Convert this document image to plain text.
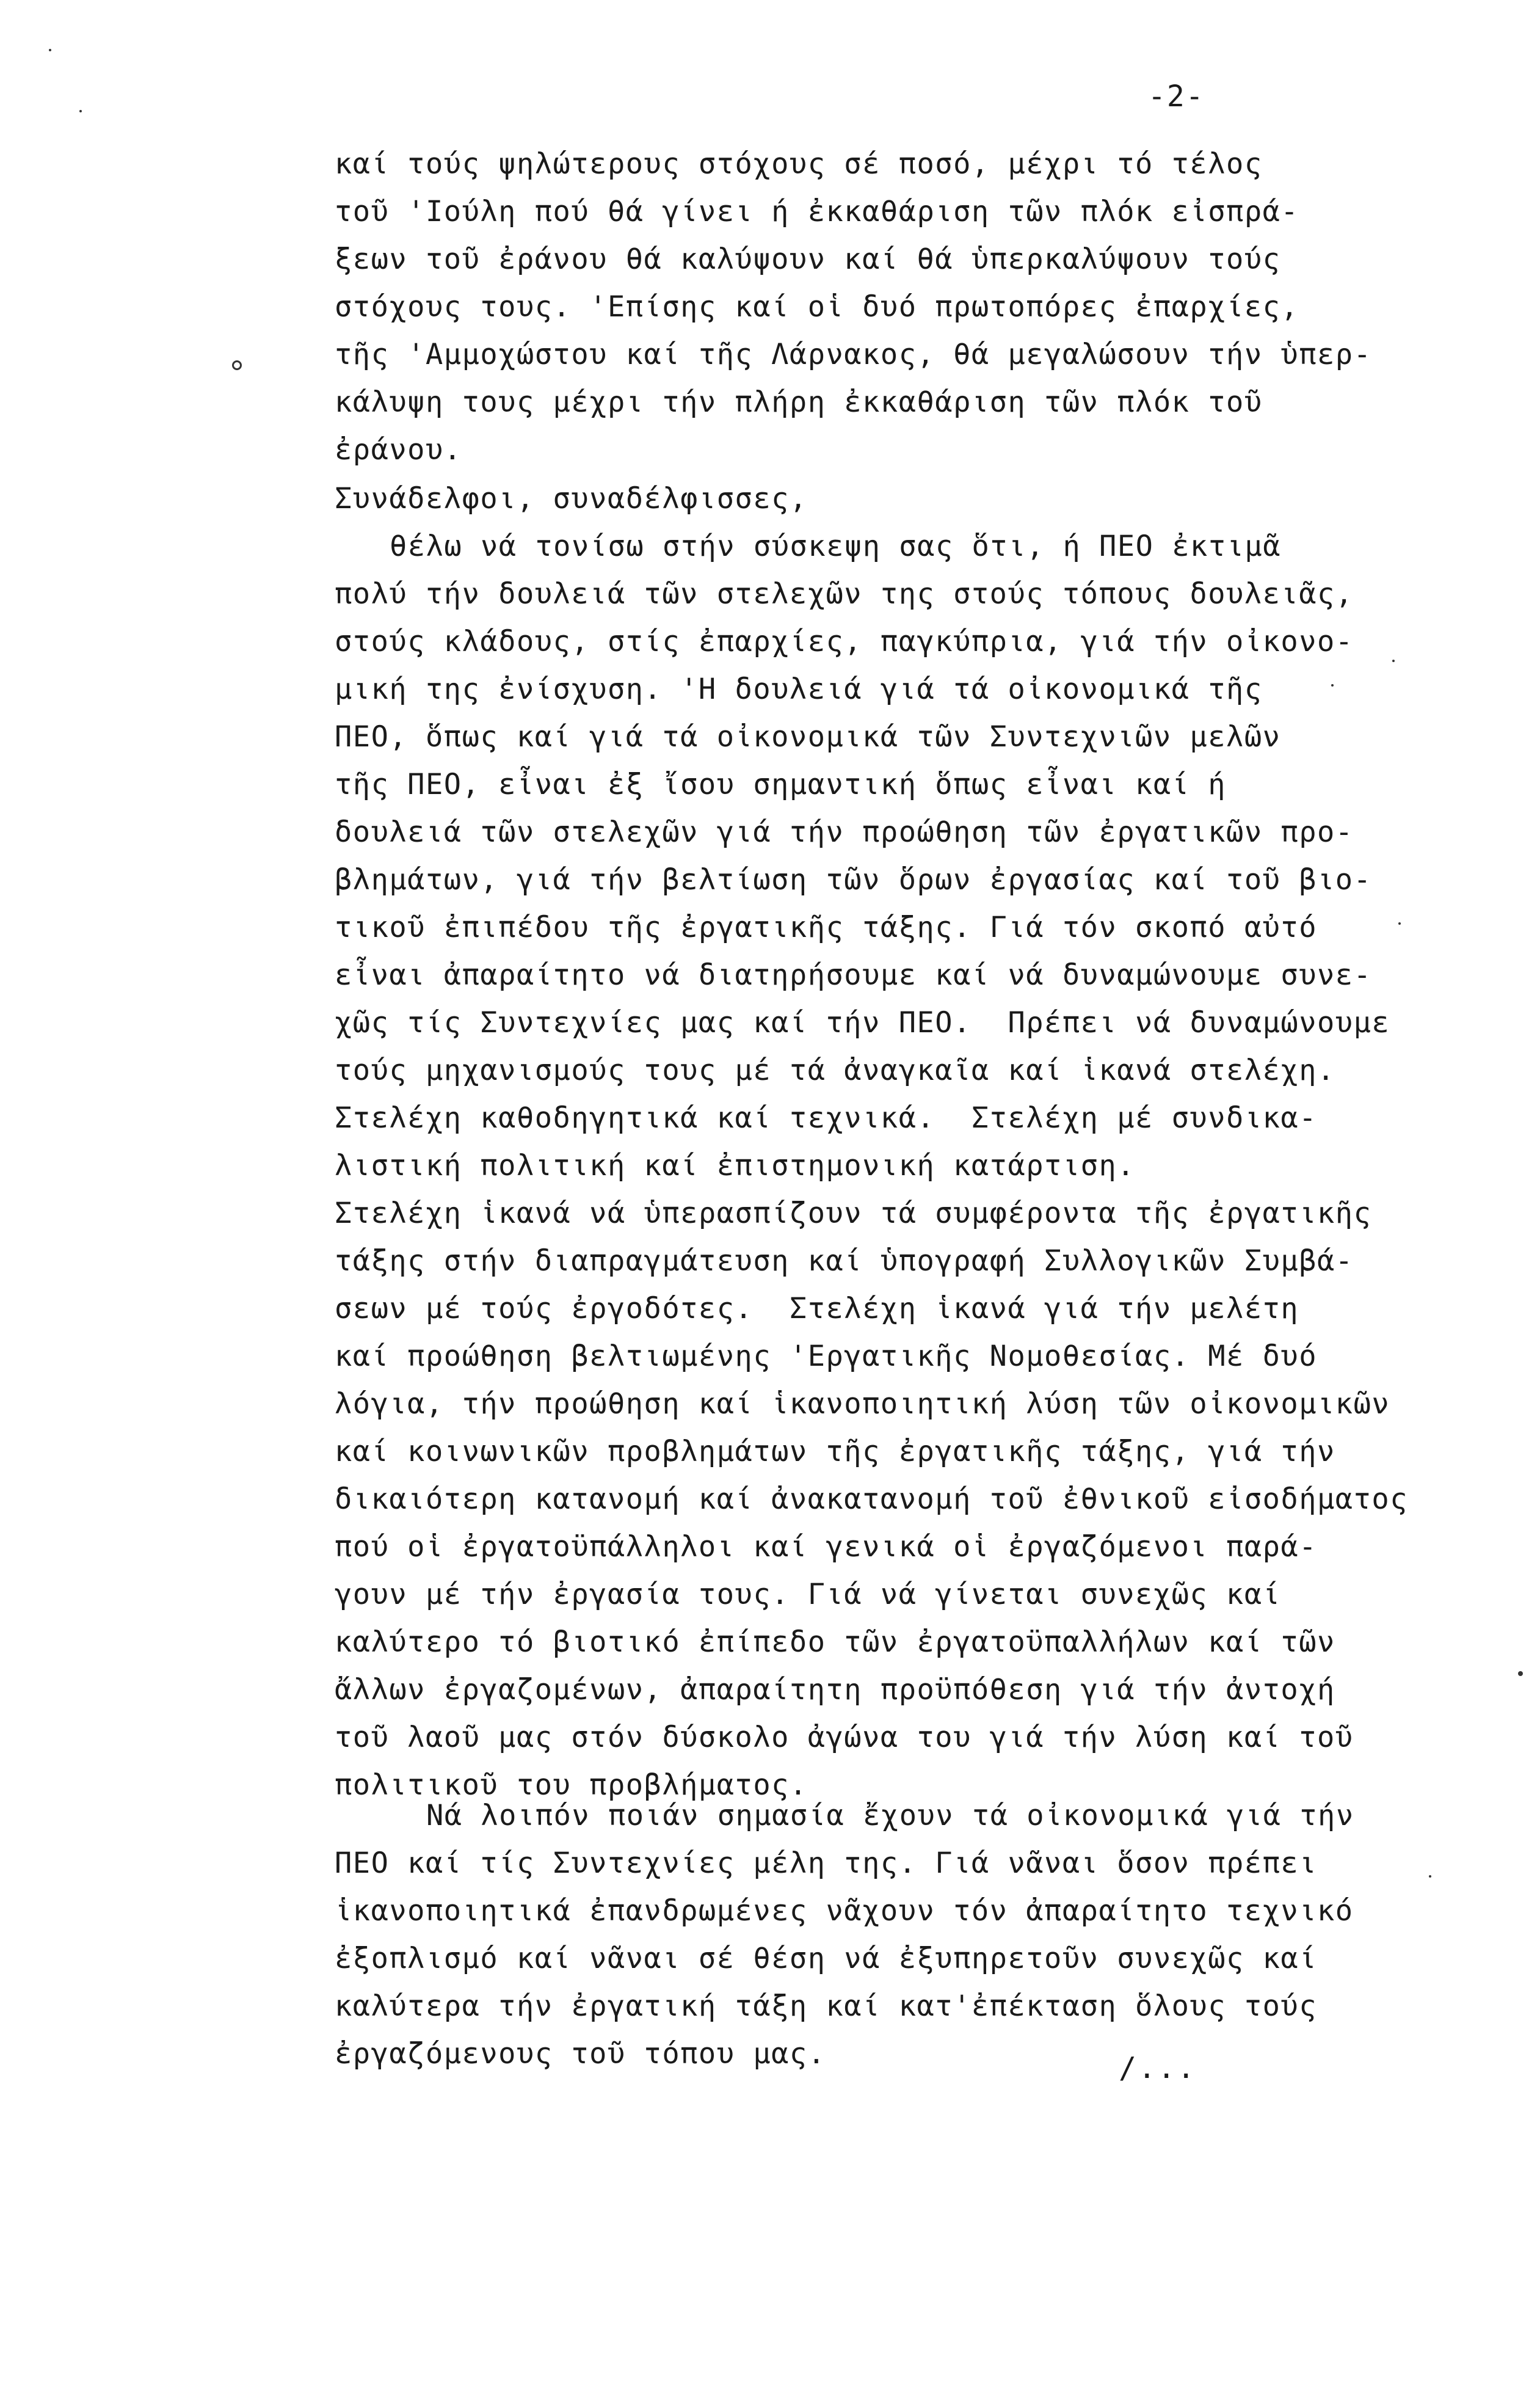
-2-
καί τούς ψηλώτερους στόχους σέ ποσό, μέχρι τό τέλος
τοῦ 'Ιούλη πού θά γίνει ή ἐκκαθάριση τῶν πλόκ εἰσπρά-
ξεων τοῦ ἐράνου θά καλύψουν καί θά ὑπερκαλύψουν τούς
στόχους τους. 'Επίσης καί οἱ δυό πρωτοπόρες ἐπαρχίες,
τῆς 'Αμμοχώστου καί τῆς Λάρνακος, θά μεγαλώσουν τήν ὑπερ-
κάλυψη τους μέχρι τήν πλήρη ἐκκαθάριση τῶν πλόκ τοῦ
ἐράνου.
Συνάδελφοι, συναδέλφισσες,
θέλω νά τονίσω στήν σύσκεψη σας ὅτι, ή ΠΕΟ ἐκτιμᾶ
πολύ τήν δουλειά τῶν στελεχῶν της στούς τόπους δουλειᾶς,
στούς κλάδους, στίς ἐπαρχίες, παγκύπρια, γιά τήν οἰκονο-
μική της ἐνίσχυση. 'Η δουλειά γιά τά οἰκονομικά τῆς
ΠΕΟ, ὅπως καί γιά τά οἰκονομικά τῶν Συντεχνιῶν μελῶν
τῆς ΠΕΟ, εἶναι ἐξ ἴσου σημαντική ὅπως εἶναι καί ή
δουλειά τῶν στελεχῶν γιά τήν προώθηση τῶν ἐργατικῶν προ-
βλημάτων, γιά τήν βελτίωση τῶν ὅρων ἐργασίας καί τοῦ βιο-
τικοῦ ἐπιπέδου τῆς ἐργατικῆς τάξης. Γιά τόν σκοπό αὐτό
εἶναι ἀπαραίτητο νά διατηρήσουμε καί νά δυναμώνουμε συνε-
χῶς τίς Συντεχνίες μας καί τήν ΠΕΟ.  Πρέπει νά δυναμώνουμε
τούς μηχανισμούς τους μέ τά ἀναγκαῖα καί ἱκανά στελέχη.
Στελέχη καθοδηγητικά καί τεχνικά.  Στελέχη μέ συνδικα-
λιστική πολιτική καί ἐπιστημονική κατάρτιση.
Στελέχη ἱκανά νά ὑπερασπίζουν τά συμφέροντα τῆς ἐργατικῆς
τάξης στήν διαπραγμάτευση καί ὑπογραφή Συλλογικῶν Συμβά-
σεων μέ τούς ἐργοδότες.  Στελέχη ἱκανά γιά τήν μελέτη
καί προώθηση βελτιωμένης 'Εργατικῆς Νομοθεσίας. Μέ δυό
λόγια, τήν προώθηση καί ἱκανοποιητική λύση τῶν οἰκονομικῶν
καί κοινωνικῶν προβλημάτων τῆς ἐργατικῆς τάξης, γιά τήν
δικαιότερη κατανομή καί ἀνακατανομή τοῦ ἐθνικοῦ εἰσοδήματος
πού οἱ ἐργατοϋπάλληλοι καί γενικά οἱ ἐργαζόμενοι παρά-
γουν μέ τήν ἐργασία τους. Γιά νά γίνεται συνεχῶς καί
καλύτερο τό βιοτικό ἐπίπεδο τῶν ἐργατοϋπαλλήλων καί τῶν
ἄλλων ἐργαζομένων, ἀπαραίτητη προϋπόθεση γιά τήν ἀντοχή
τοῦ λαοῦ μας στόν δύσκολο ἀγώνα του γιά τήν λύση καί τοῦ
πολιτικοῦ του προβλήματος.
Νά λοιπόν ποιάν σημασία ἔχουν τά οἰκονομικά γιά τήν
ΠΕΟ καί τίς Συντεχνίες μέλη της. Γιά νᾶναι ὅσον πρέπει
ἱκανοποιητικά ἐπανδρωμένες νᾶχουν τόν ἀπαραίτητο τεχνικό
ἐξοπλισμό καί νᾶναι σέ θέση νά ἐξυπηρετοῦν συνεχῶς καί
καλύτερα τήν ἐργατική τάξη καί κατ'ἐπέκταση ὅλους τούς
ἐργαζόμενους τοῦ τόπου μας.	/...
